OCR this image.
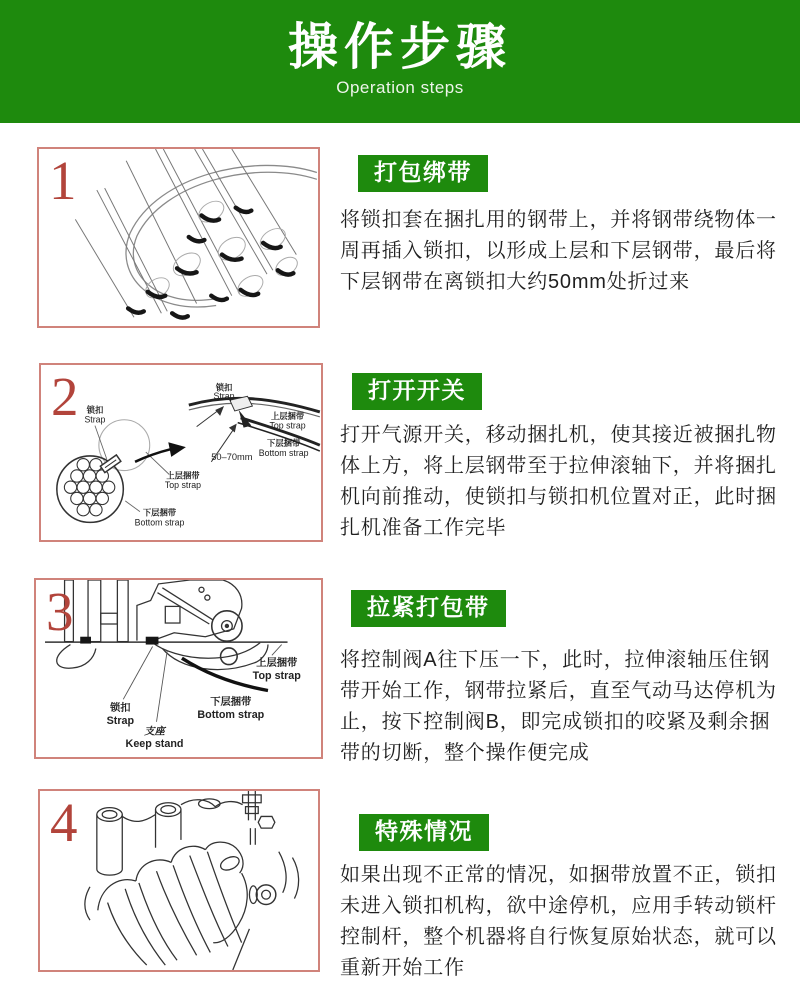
操作步骤
Operation steps
1	打包绑带

将锁扣套在捆扎用的钢带上，并将钢带绕物体一周再插入锁扣，以形成上层和下层钢带，最后将下层钢带在离锁扣大约50mm处折过来

2 锁扣
Strap
锁扣
Strap
上层捆带
Top strap
下层捆带
Bottom strap
50–70mm
上层捆带
Top strap
下层捆带
Bottom strap
打开开关

打开气源开关，移动捆扎机，使其接近被捆扎物体上方，将上层钢带至于拉伸滚轴下，并将捆扎机向前推动，使锁扣与锁扣机位置对正，此时捆扎机准备工作完毕

3
上层捆带
Top strap
下层捆带
Bottom strap
锁扣
Strap
支座
Keep stand
拉紧打包带

将控制阀A往下压一下，此时，拉伸滚轴压住钢带开始工作，钢带拉紧后，直至气动马达停机为止，按下控制阀B，即完成锁扣的咬紧及剩余捆带的切断，整个操作便完成

4	特殊情况

如果出现不正常的情况，如捆带放置不正，锁扣未进入锁扣机构，欲中途停机，应用手转动锁杆控制杆，整个机器将自行恢复原始状态，就可以重新开始工作
